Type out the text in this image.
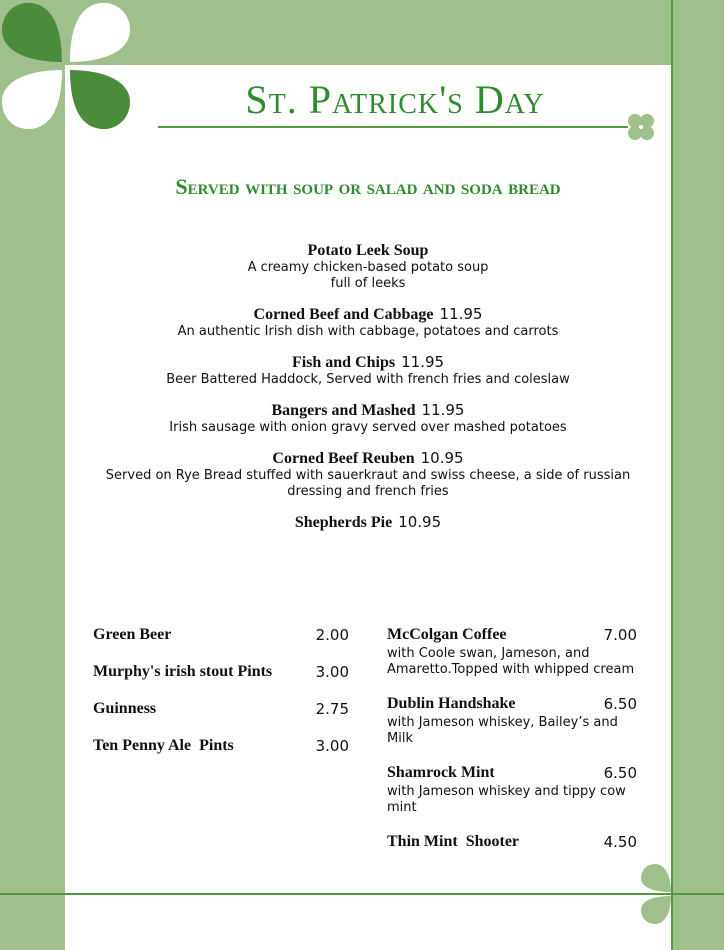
St. Patrick's Day
Served with soup or salad and soda bread
Potato Leek Soup
A creamy chicken-based potato soup
full of leeks
Corned Beef and Cabbage 11.95
An authentic Irish dish with cabbage, potatoes and carrots
Fish and Chips 11.95
Beer Battered Haddock, Served with french fries and coleslaw
Bangers and Mashed 11.95
Irish sausage with onion gravy served over mashed potatoes
Corned Beef Reuben 10.95
Served on Rye Bread stuffed with sauerkraut and swiss cheese, a side of russian dressing and french fries
Shepherds Pie 10.95
Green Beer	2.00
Murphy's irish stout Pints	3.00
Guinness	2.75
Ten Penny Ale  Pints	3.00
McColgan Coffee	7.00
with Coole swan, Jameson, and Amaretto.Topped with whipped cream
Dublin Handshake	6.50
with Jameson whiskey, Bailey’s and Milk
Shamrock Mint	6.50
with Jameson whiskey and tippy cow mint
Thin Mint  Shooter	4.50
